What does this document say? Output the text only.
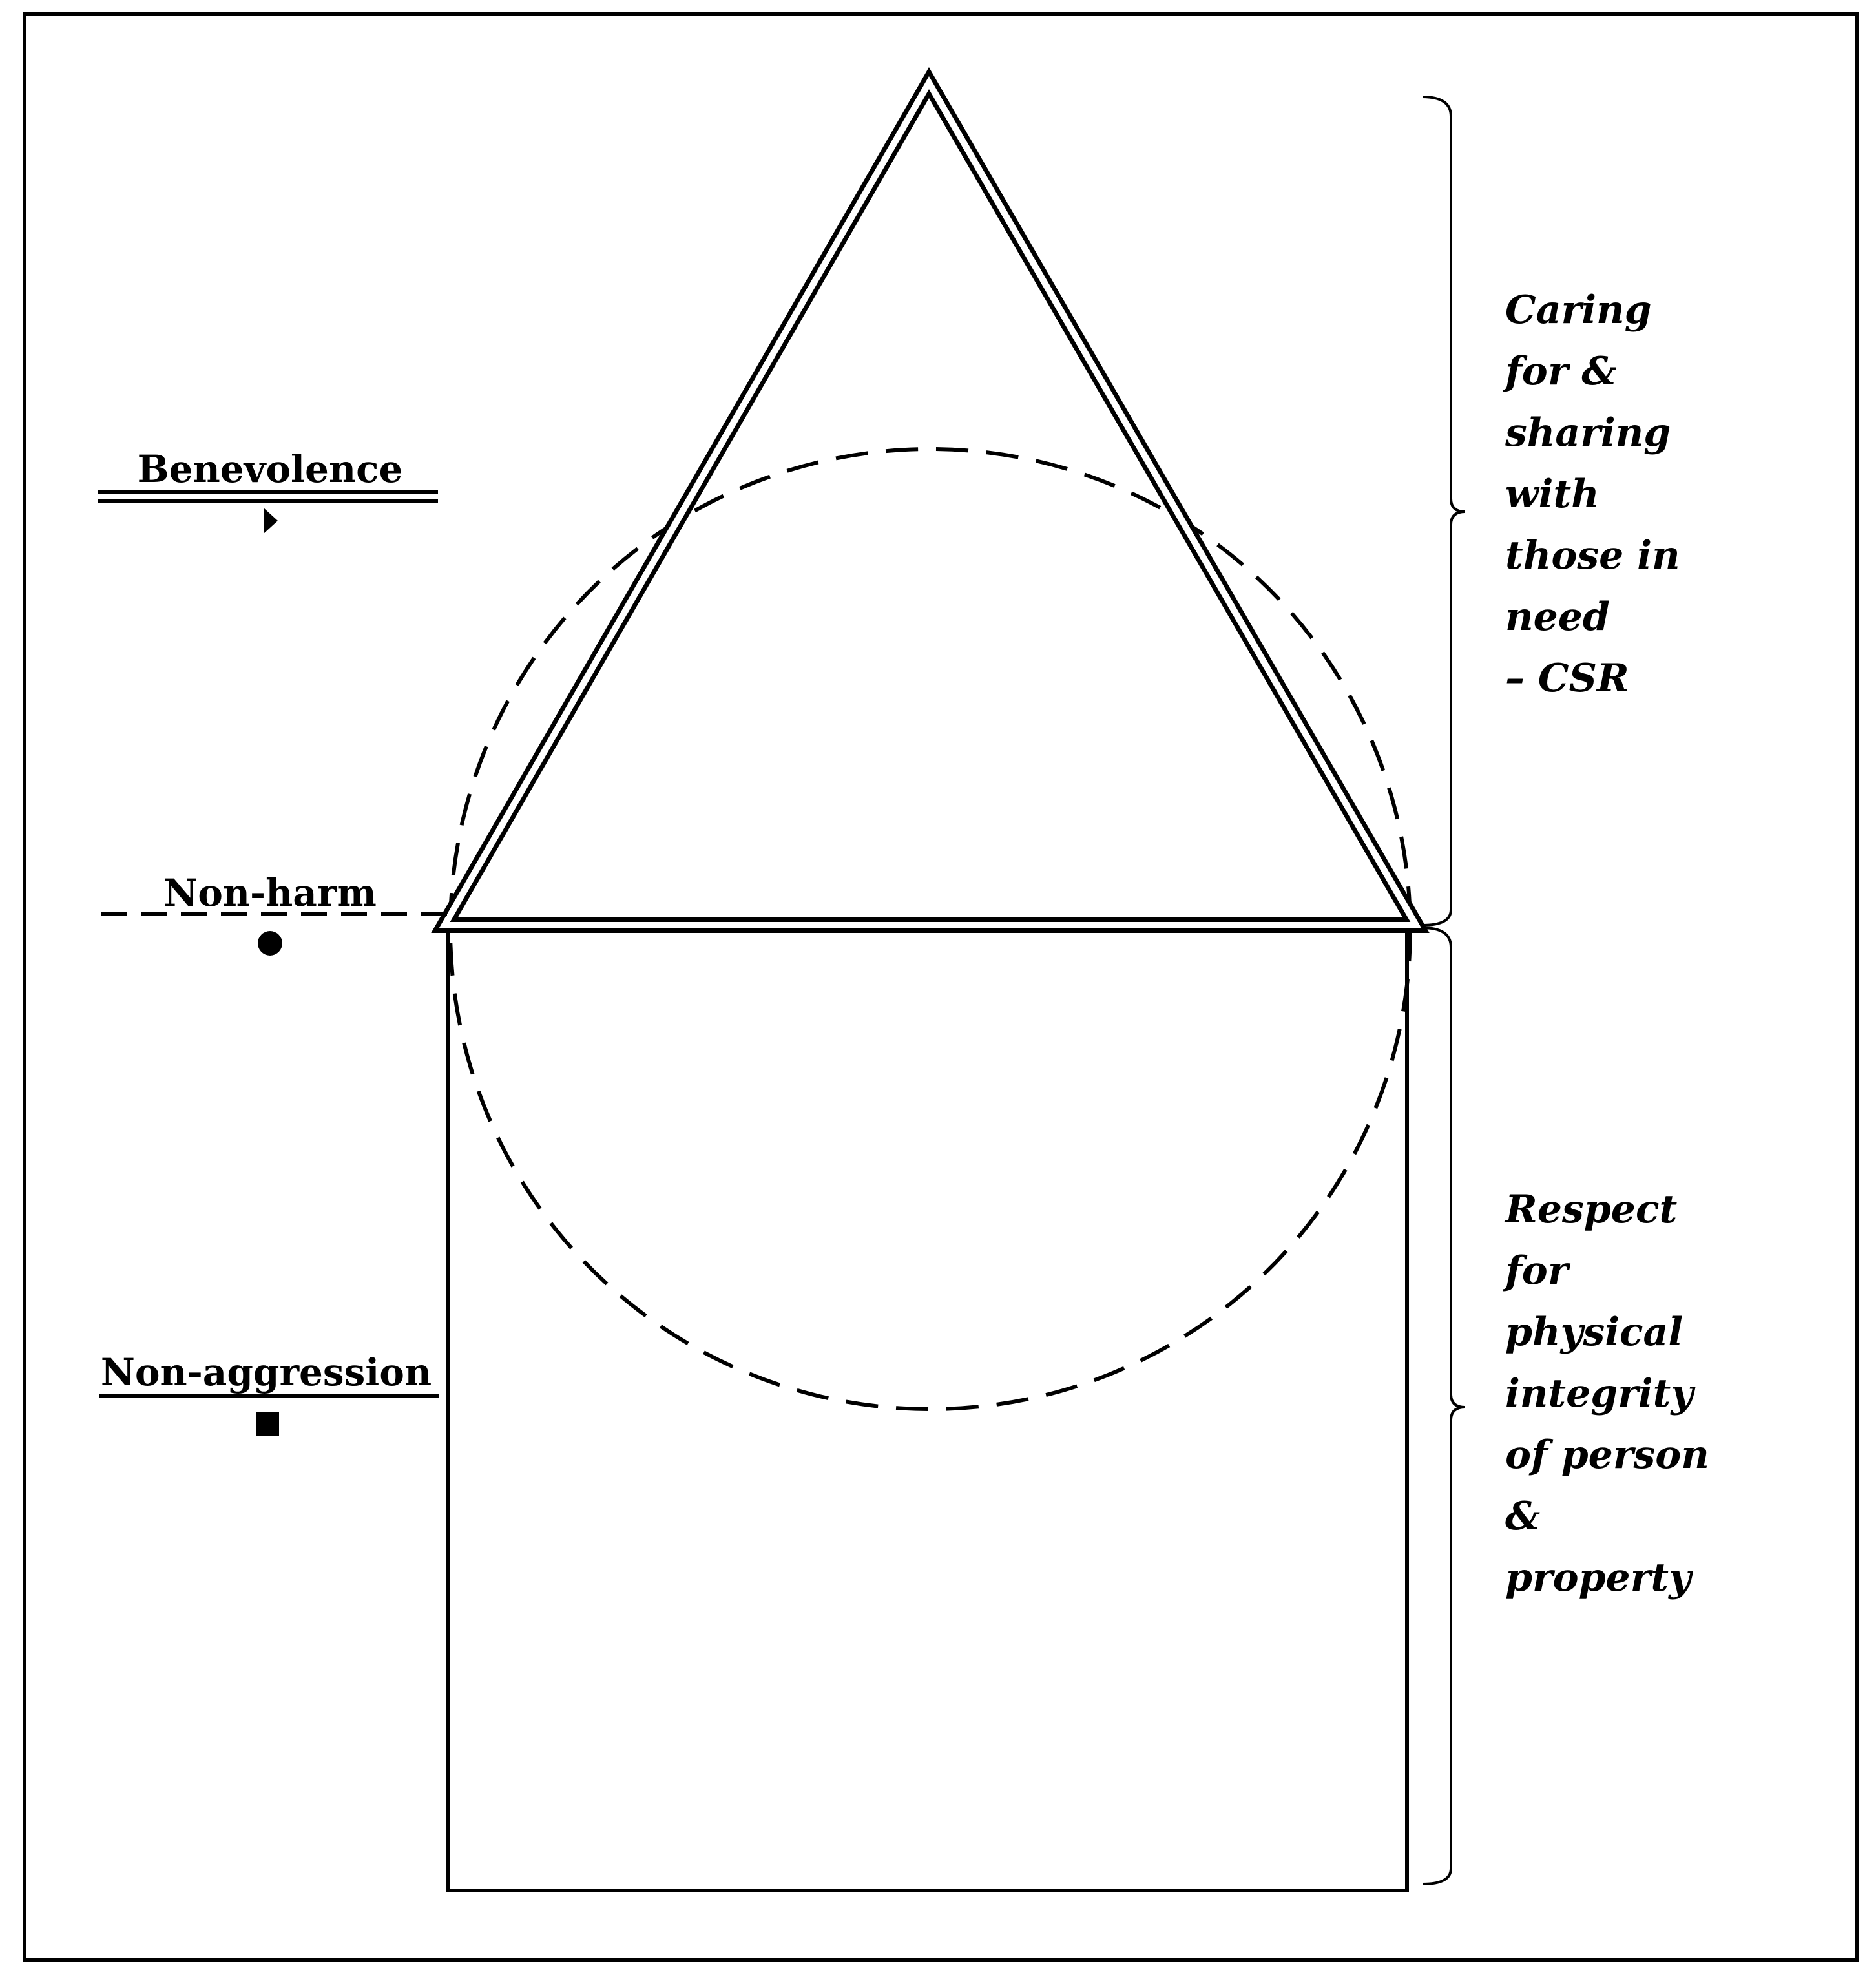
Benevolence
Non-harm
Non-aggression
Caring for & sharing with those in need – CSR
Respect for physical integrity of person & property
